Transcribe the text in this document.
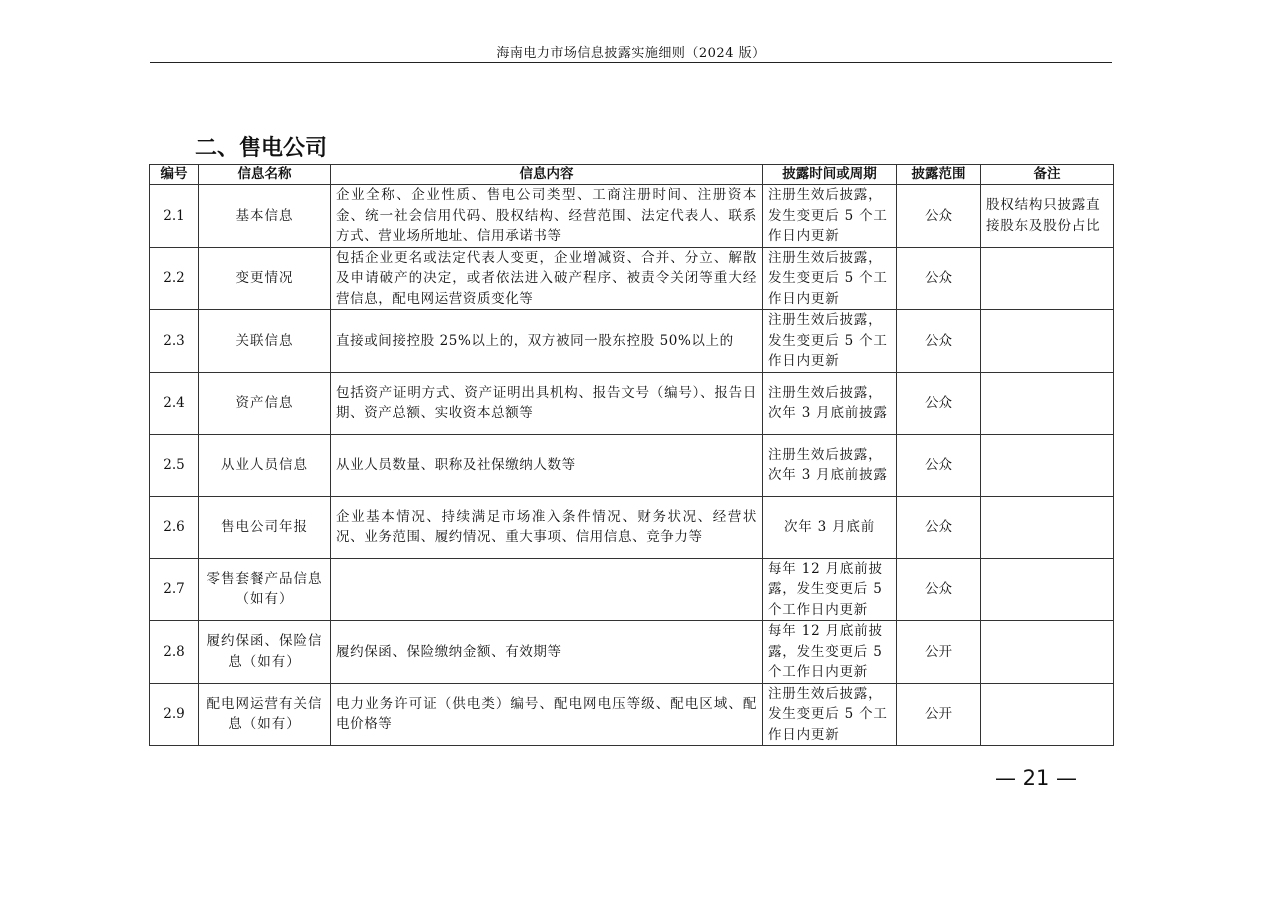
海南电力市场信息披露实施细则（2024 版）
二、售电公司
编号	信息名称	信息内容	披露时间或周期	披露范围	备注
2.1	基本信息	企业全称、企业性质、售电公司类型、工商注册时间、注册资本金、统一社会信用代码、股权结构、经营范围、法定代表人、联系方式、营业场所地址、信用承诺书等	注册生效后披露，发生变更后 5 个工作日内更新	公众	股权结构只披露直接股东及股份占比
2.2	变更情况	包括企业更名或法定代表人变更，企业增减资、合并、分立、解散及申请破产的决定，或者依法进入破产程序、被责令关闭等重大经营信息，配电网运营资质变化等	注册生效后披露，发生变更后 5 个工作日内更新	公众	
2.3	关联信息	直接或间接控股 25%以上的，双方被同一股东控股 50%以上的	注册生效后披露，发生变更后 5 个工作日内更新	公众	
2.4	资产信息	包括资产证明方式、资产证明出具机构、报告文号（编号）、报告日期、资产总额、实收资本总额等	注册生效后披露，次年 3 月底前披露	公众	
2.5	从业人员信息	从业人员数量、职称及社保缴纳人数等	注册生效后披露，次年 3 月底前披露	公众	
2.6	售电公司年报	企业基本情况、持续满足市场准入条件情况、财务状况、经营状况、业务范围、履约情况、重大事项、信用信息、竞争力等	次年 3 月底前	公众	
2.7	零售套餐产品信息（如有）		每年 12 月底前披露，发生变更后 5 个工作日内更新	公众	
2.8	履约保函、保险信息（如有）	履约保函、保险缴纳金额、有效期等	每年 12 月底前披露，发生变更后 5 个工作日内更新	公开	
2.9	配电网运营有关信息（如有）	电力业务许可证（供电类）编号、配电网电压等级、配电区域、配电价格等	注册生效后披露，发生变更后 5 个工作日内更新	公开	
— 21 —
